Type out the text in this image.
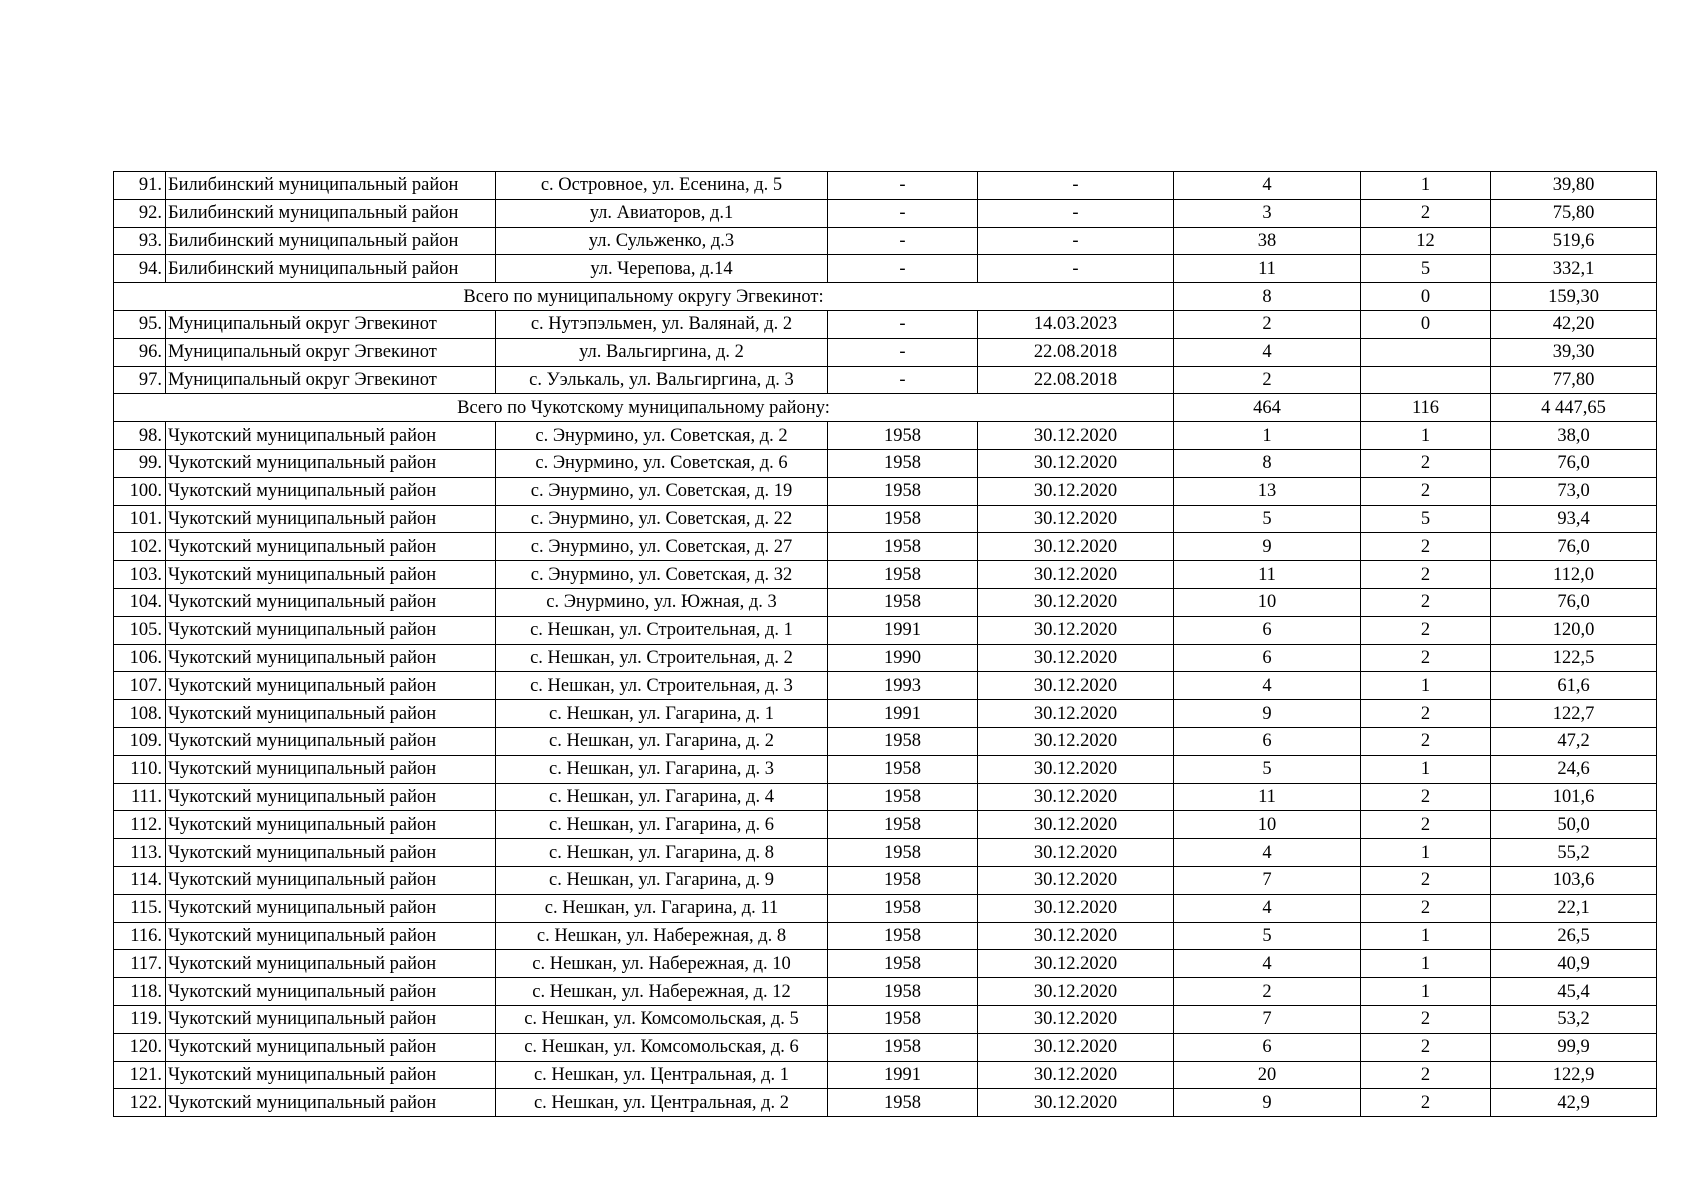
91.	Билибинский муниципальный район	с. Островное, ул. Есенина, д. 5	-	-	4	1	39,80
92.	Билибинский муниципальный район	ул. Авиаторов, д.1	-	-	3	2	75,80
93.	Билибинский муниципальный район	ул. Сульженко, д.3	-	-	38	12	519,6
94.	Билибинский муниципальный район	ул. Черепова, д.14	-	-	11	5	332,1
Всего по муниципальному округу Эгвекинот:					8	0	159,30
95.	Муниципальный округ Эгвекинот	с. Нутэпэльмен, ул. Валянай, д. 2	-	14.03.2023	2	0	42,20
96.	Муниципальный округ Эгвекинот	ул. Вальгиргина, д. 2	-	22.08.2018	4		39,30
97.	Муниципальный округ Эгвекинот	с. Уэлькаль, ул. Вальгиргина, д. 3	-	22.08.2018	2		77,80
Всего по Чукотскому муниципальному району:					464	116	4 447,65
98.	Чукотский муниципальный район	с. Энурмино, ул. Советская, д. 2	1958	30.12.2020	1	1	38,0
99.	Чукотский муниципальный район	с. Энурмино, ул. Советская, д. 6	1958	30.12.2020	8	2	76,0
100.	Чукотский муниципальный район	с. Энурмино, ул. Советская, д. 19	1958	30.12.2020	13	2	73,0
101.	Чукотский муниципальный район	с. Энурмино, ул. Советская, д. 22	1958	30.12.2020	5	5	93,4
102.	Чукотский муниципальный район	с. Энурмино, ул. Советская, д. 27	1958	30.12.2020	9	2	76,0
103.	Чукотский муниципальный район	с. Энурмино, ул. Советская, д. 32	1958	30.12.2020	11	2	112,0
104.	Чукотский муниципальный район	с. Энурмино, ул. Южная, д. 3	1958	30.12.2020	10	2	76,0
105.	Чукотский муниципальный район	с. Нешкан, ул. Строительная, д. 1	1991	30.12.2020	6	2	120,0
106.	Чукотский муниципальный район	с. Нешкан, ул. Строительная, д. 2	1990	30.12.2020	6	2	122,5
107.	Чукотский муниципальный район	с. Нешкан, ул. Строительная, д. 3	1993	30.12.2020	4	1	61,6
108.	Чукотский муниципальный район	с. Нешкан, ул. Гагарина, д. 1	1991	30.12.2020	9	2	122,7
109.	Чукотский муниципальный район	с. Нешкан, ул. Гагарина, д. 2	1958	30.12.2020	6	2	47,2
110.	Чукотский муниципальный район	с. Нешкан, ул. Гагарина, д. 3	1958	30.12.2020	5	1	24,6
111.	Чукотский муниципальный район	с. Нешкан, ул. Гагарина, д. 4	1958	30.12.2020	11	2	101,6
112.	Чукотский муниципальный район	с. Нешкан, ул. Гагарина, д. 6	1958	30.12.2020	10	2	50,0
113.	Чукотский муниципальный район	с. Нешкан, ул. Гагарина, д. 8	1958	30.12.2020	4	1	55,2
114.	Чукотский муниципальный район	с. Нешкан, ул. Гагарина, д. 9	1958	30.12.2020	7	2	103,6
115.	Чукотский муниципальный район	с. Нешкан, ул. Гагарина, д. 11	1958	30.12.2020	4	2	22,1
116.	Чукотский муниципальный район	с. Нешкан, ул. Набережная, д. 8	1958	30.12.2020	5	1	26,5
117.	Чукотский муниципальный район	с. Нешкан, ул. Набережная, д. 10	1958	30.12.2020	4	1	40,9
118.	Чукотский муниципальный район	с. Нешкан, ул. Набережная, д. 12	1958	30.12.2020	2	1	45,4
119.	Чукотский муниципальный район	с. Нешкан, ул. Комсомольская, д. 5	1958	30.12.2020	7	2	53,2
120.	Чукотский муниципальный район	с. Нешкан, ул. Комсомольская, д. 6	1958	30.12.2020	6	2	99,9
121.	Чукотский муниципальный район	с. Нешкан, ул. Центральная, д. 1	1991	30.12.2020	20	2	122,9
122.	Чукотский муниципальный район	с. Нешкан, ул. Центральная, д. 2	1958	30.12.2020	9	2	42,9
